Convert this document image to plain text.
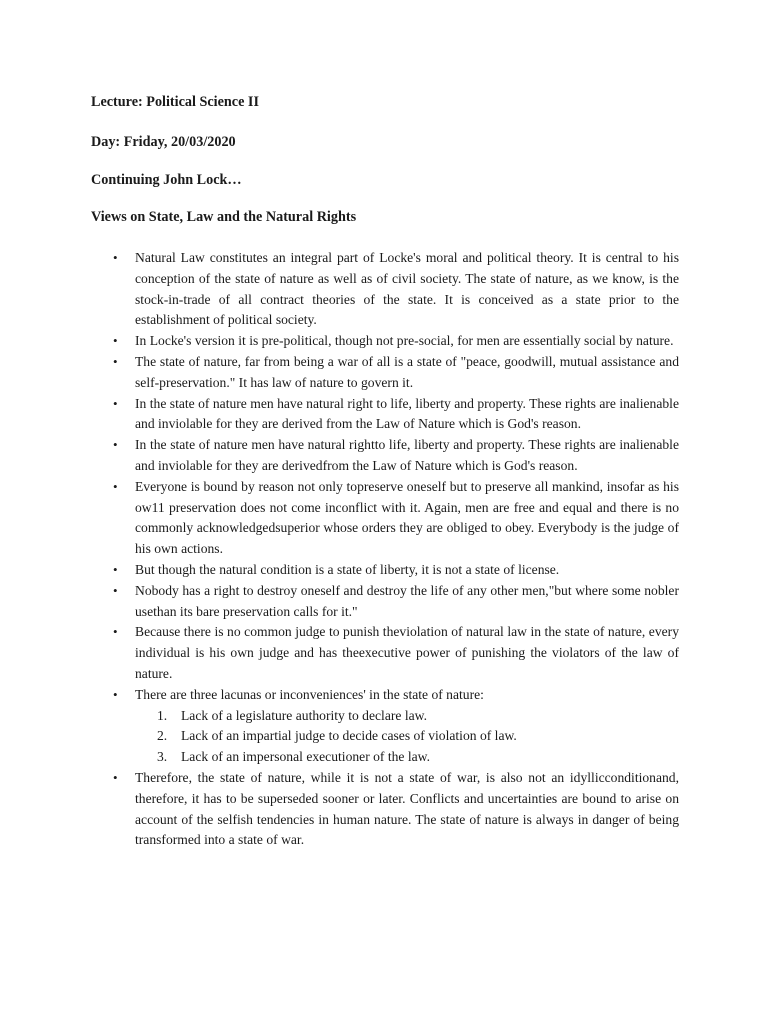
Lecture: Political Science II
Day: Friday, 20/03/2020
Continuing John Lock…
Views on State, Law and the Natural Rights
• Natural Law constitutes an integral part of Locke's moral and political theory. It is central to his conception of the state of nature as well as of civil society. The state of nature, as we know, is the stock-in-trade of all contract theories of the state. It is conceived as a state prior to the establishment of political society.
• In Locke's version it is pre-political, though not pre-social, for men are essentially social by nature.
• The state of nature, far from being a war of all is a state of "peace, goodwill, mutual assistance and self-preservation." It has law of nature to govern it.
• In the state of nature men have natural right to life, liberty and property. These rights are inalienable and inviolable for they are derived from the Law of Nature which is God's reason.
• In the state of nature men have natural rightto life, liberty and property. These rights are inalienable and inviolable for they are derivedfrom the Law of Nature which is God's reason.
• Everyone is bound by reason not only topreserve oneself but to preserve all mankind, insofar as his ow11 preservation does not come inconflict with it. Again, men are free and equal and there is no commonly acknowledgedsuperior whose orders they are obliged to obey. Everybody is the judge of his own actions.
• But though the natural condition is a state of liberty, it is not a state of license.
• Nobody has a right to destroy oneself and destroy the life of any other men,"but where some nobler usethan its bare preservation calls for it."
• Because there is no common judge to punish theviolation of natural law in the state of nature, every individual is his own judge and has theexecutive power of punishing the violators of the law of nature.
• There are three lacunas or inconveniences' in the state of nature:
1. Lack of a legislature authority to declare law.
2. Lack of an impartial judge to decide cases of violation of law.
3. Lack of an impersonal executioner of the law.
• Therefore, the state of nature, while it is not a state of war, is also not an idyllicconditionand, therefore, it has to be superseded sooner or later. Conflicts and uncertainties are bound to arise on account of the selfish tendencies in human nature. The state of nature is always in danger of being transformed into a state of war.
